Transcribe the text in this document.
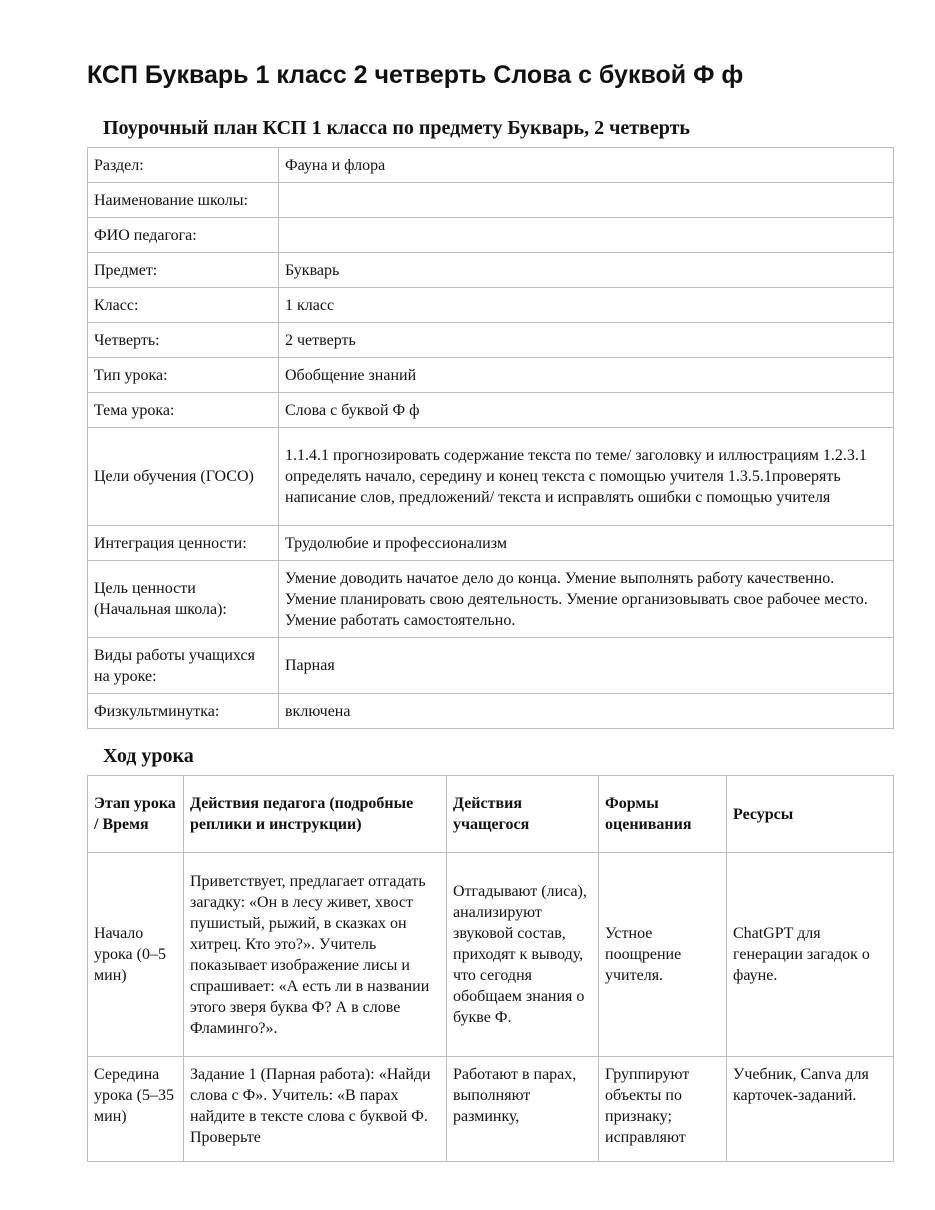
КСП Букварь 1 класс 2 четверть Слова с буквой Ф ф
Поурочный план КСП 1 класса по предмету Букварь, 2 четверть
Раздел:	Фауна и флора
Наименование школы:	
ФИО педагога:	
Предмет:	Букварь
Класс:	1 класс
Четверть:	2 четверть
Тип урока:	Обобщение знаний
Тема урока:	Слова с буквой Ф ф
Цели обучения (ГОСО)	1.1.4.1 прогнозировать содержание текста по теме/ заголовку и иллюстрациям 1.2.3.1 определять начало, середину и конец текста с помощью учителя 1.3.5.1проверять написание слов, предложений/ текста и исправлять ошибки с помощью учителя
Интеграция ценности:	Трудолюбие и профессионализм
Цель ценности (Начальная школа):	Умение доводить начатое дело до конца. Умение выполнять работу качественно. Умение планировать свою деятельность. Умение организовывать свое рабочее место. Умение работать самостоятельно.
Виды работы учащихся на уроке:	Парная
Физкультминутка:	включена
Ход урока
Этап урока / Время	Действия педагога (подробные реплики и инструкции)	Действия учащегося	Формы оценивания	Ресурсы
Начало урока (0–5 мин)	Приветствует, предлагает отгадать загадку: «Он в лесу живет, хвост пушистый, рыжий, в сказках он хитрец. Кто это?». Учитель показывает изображение лисы и спрашивает: «А есть ли в названии этого зверя буква Ф? А в слове Фламинго?».	Отгадывают (лиса), анализируют звуковой состав, приходят к выводу, что сегодня обобщаем знания о букве Ф.	Устное поощрение учителя.	ChatGPT для генерации загадок о фауне.

Середина урока (5–35 мин)	Задание 1 (Парная работа): «Найди слова с Ф». Учитель: «В парах найдите в тексте слова с буквой Ф. Проверьте	Работают в парах, выполняют разминку,	Группируют объекты по признаку; исправляют	Учебник, Canva для карточек-заданий.
